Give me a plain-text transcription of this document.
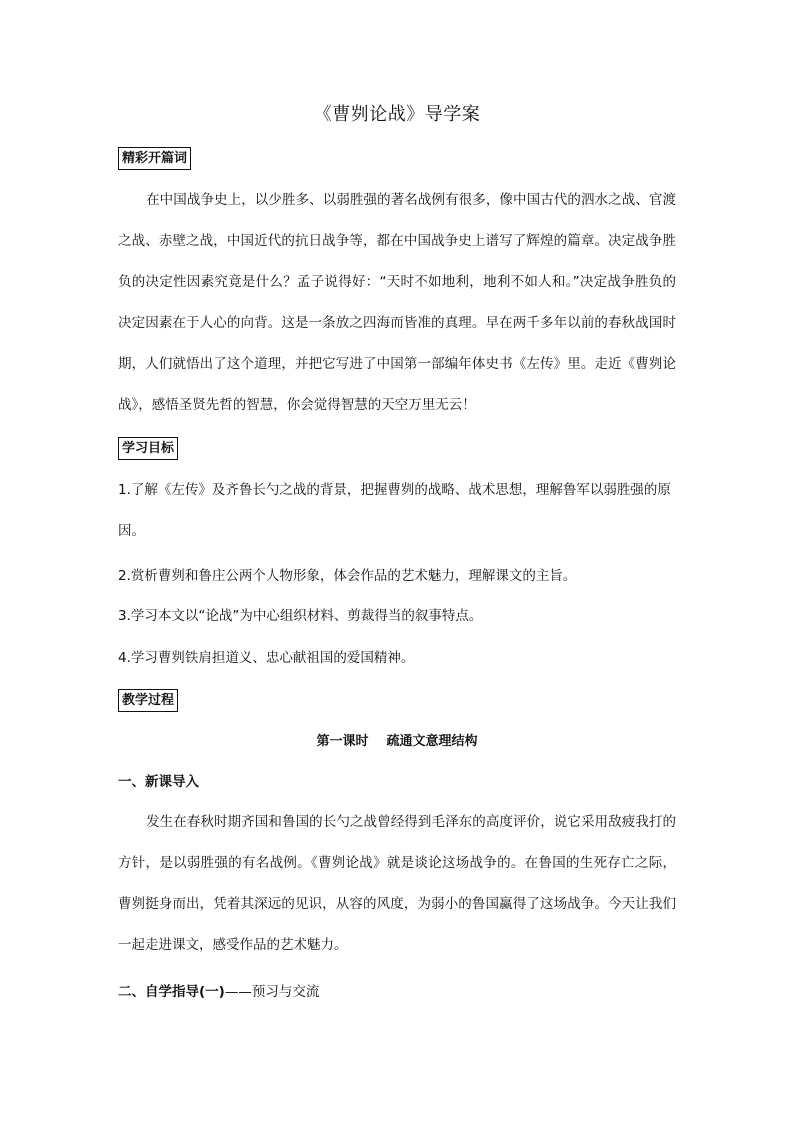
《曹刿论战》导学案
精彩开篇词

在中国战争史上，以少胜多、以弱胜强的著名战例有很多，像中国古代的泗水之战、官渡之战、赤壁之战，中国近代的抗日战争等，都在中国战争史上谱写了辉煌的篇章。决定战争胜负的决定性因素究竟是什么？孟子说得好：“天时不如地利，地利不如人和。”决定战争胜负的决定因素在于人心的向背。这是一条放之四海而皆准的真理。早在两千多年以前的春秋战国时期，人们就悟出了这个道理，并把它写进了中国第一部编年体史书《左传》里。走近《曹刿论战》，感悟圣贤先哲的智慧，你会觉得智慧的天空万里无云！

学习目标

1.了解《左传》及齐鲁长勺之战的背景，把握曹刿的战略、战术思想，理解鲁军以弱胜强的原因。

2.赏析曹刿和鲁庄公两个人物形象，体会作品的艺术魅力，理解课文的主旨。

3.学习本文以“论战”为中心组织材料、剪裁得当的叙事特点。

4.学习曹刿铁肩担道义、忠心献祖国的爱国精神。

教学过程
第一课时    疏通文意理结构
一、新课导入

发生在春秋时期齐国和鲁国的长勺之战曾经得到毛泽东的高度评价，说它采用敌疲我打的方针，是以弱胜强的有名战例。《曹刿论战》就是谈论这场战争的。在鲁国的生死存亡之际，曹刿挺身而出，凭着其深远的见识，从容的风度，为弱小的鲁国赢得了这场战争。今天让我们一起走进课文，感受作品的艺术魅力。

二、自学指导(一)——预习与交流
